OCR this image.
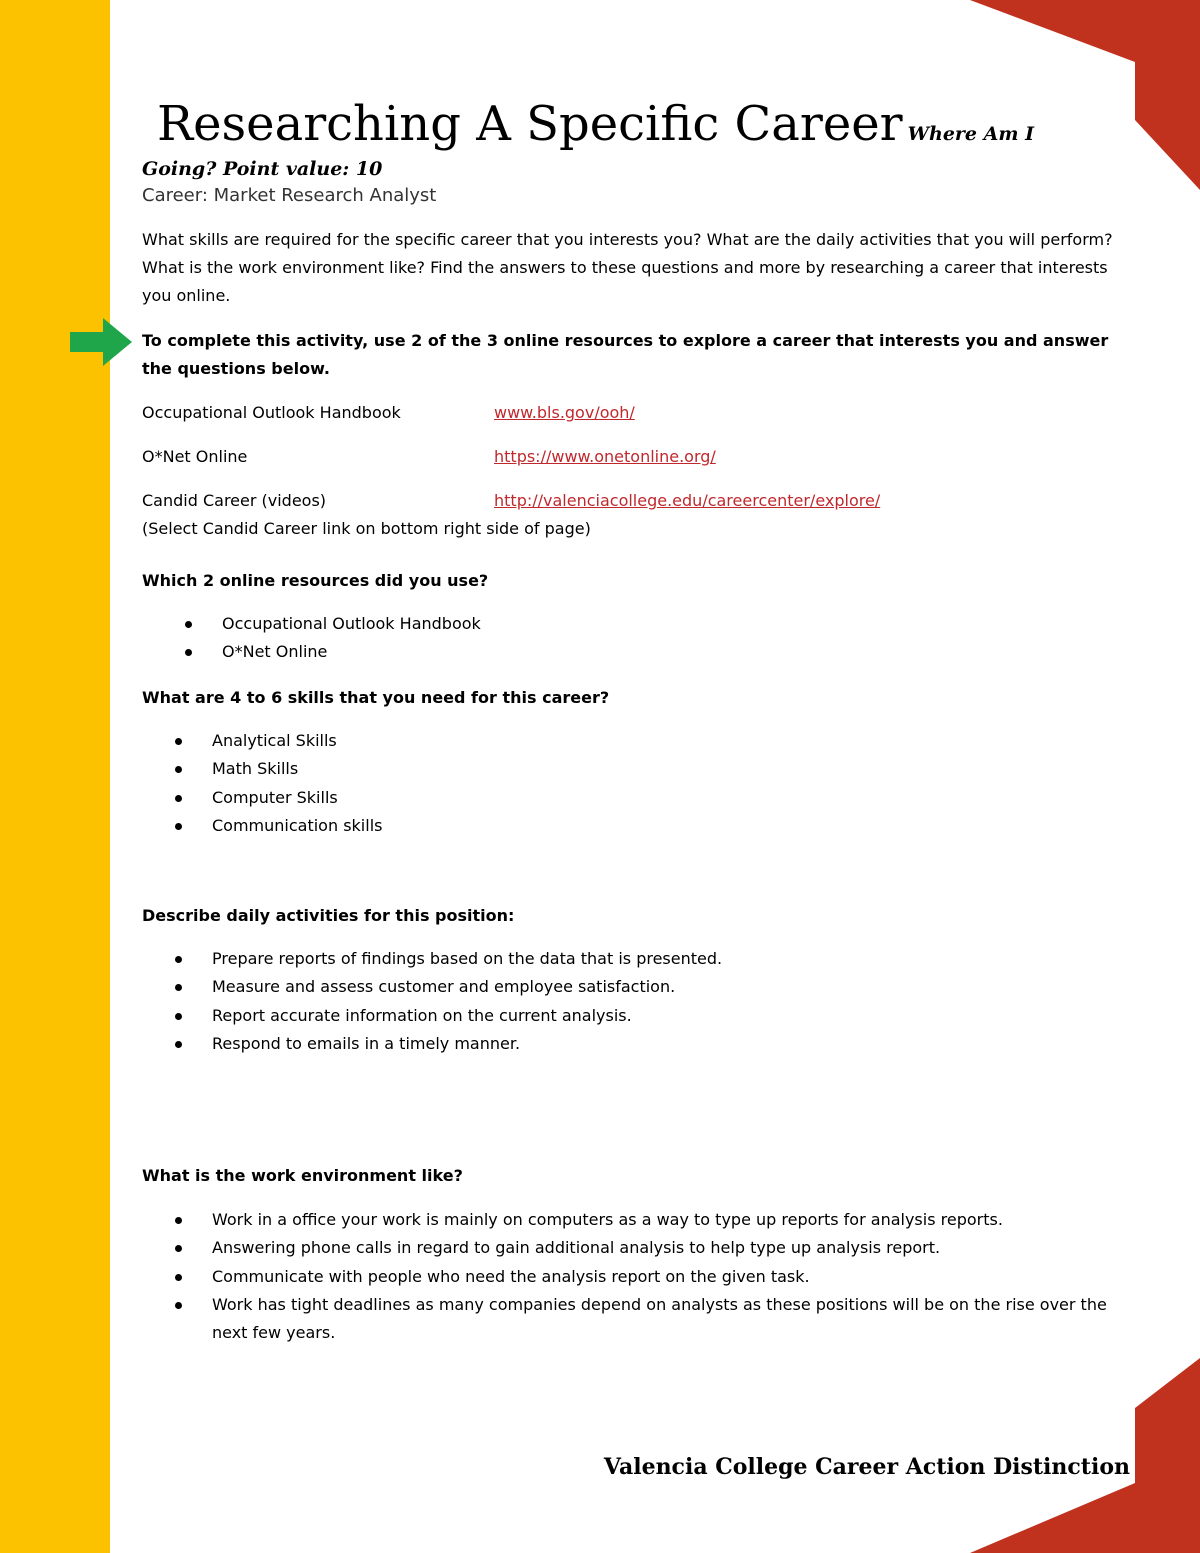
Researching A Specific Career Where Am I
Going? Point value: 10
Career: Market Research Analyst
What skills are required for the specific career that you interests you? What are the daily activities that you will perform? What is the work environment like? Find the answers to these questions and more by researching a career that interests you online.
To complete this activity, use 2 of the 3 online resources to explore a career that interests you and answer the questions below.
Occupational Outlook Handbook	www.bls.gov/ooh/
O*Net Online	https://www.onetonline.org/
Candid Career (videos)	http://valenciacollege.edu/careercenter/explore/
(Select Candid Career link on bottom right side of page)
Which 2 online resources did you use?
Occupational Outlook Handbook
O*Net Online
What are 4 to 6 skills that you need for this career?
Analytical Skills
Math Skills
Computer Skills
Communication skills
Describe daily activities for this position:
Prepare reports of findings based on the data that is presented.
Measure and assess customer and employee satisfaction.
Report accurate information on the current analysis.
Respond to emails in a timely manner.
What is the work environment like?
Work in a office your work is mainly on computers as a way to type up reports for analysis reports.
Answering phone calls in regard to gain additional analysis to help type up analysis report.
Communicate with people who need the analysis report on the given task.
Work has tight deadlines as many companies depend on analysts as these positions will be on the rise over the next few years.
Valencia College Career Action Distinction
